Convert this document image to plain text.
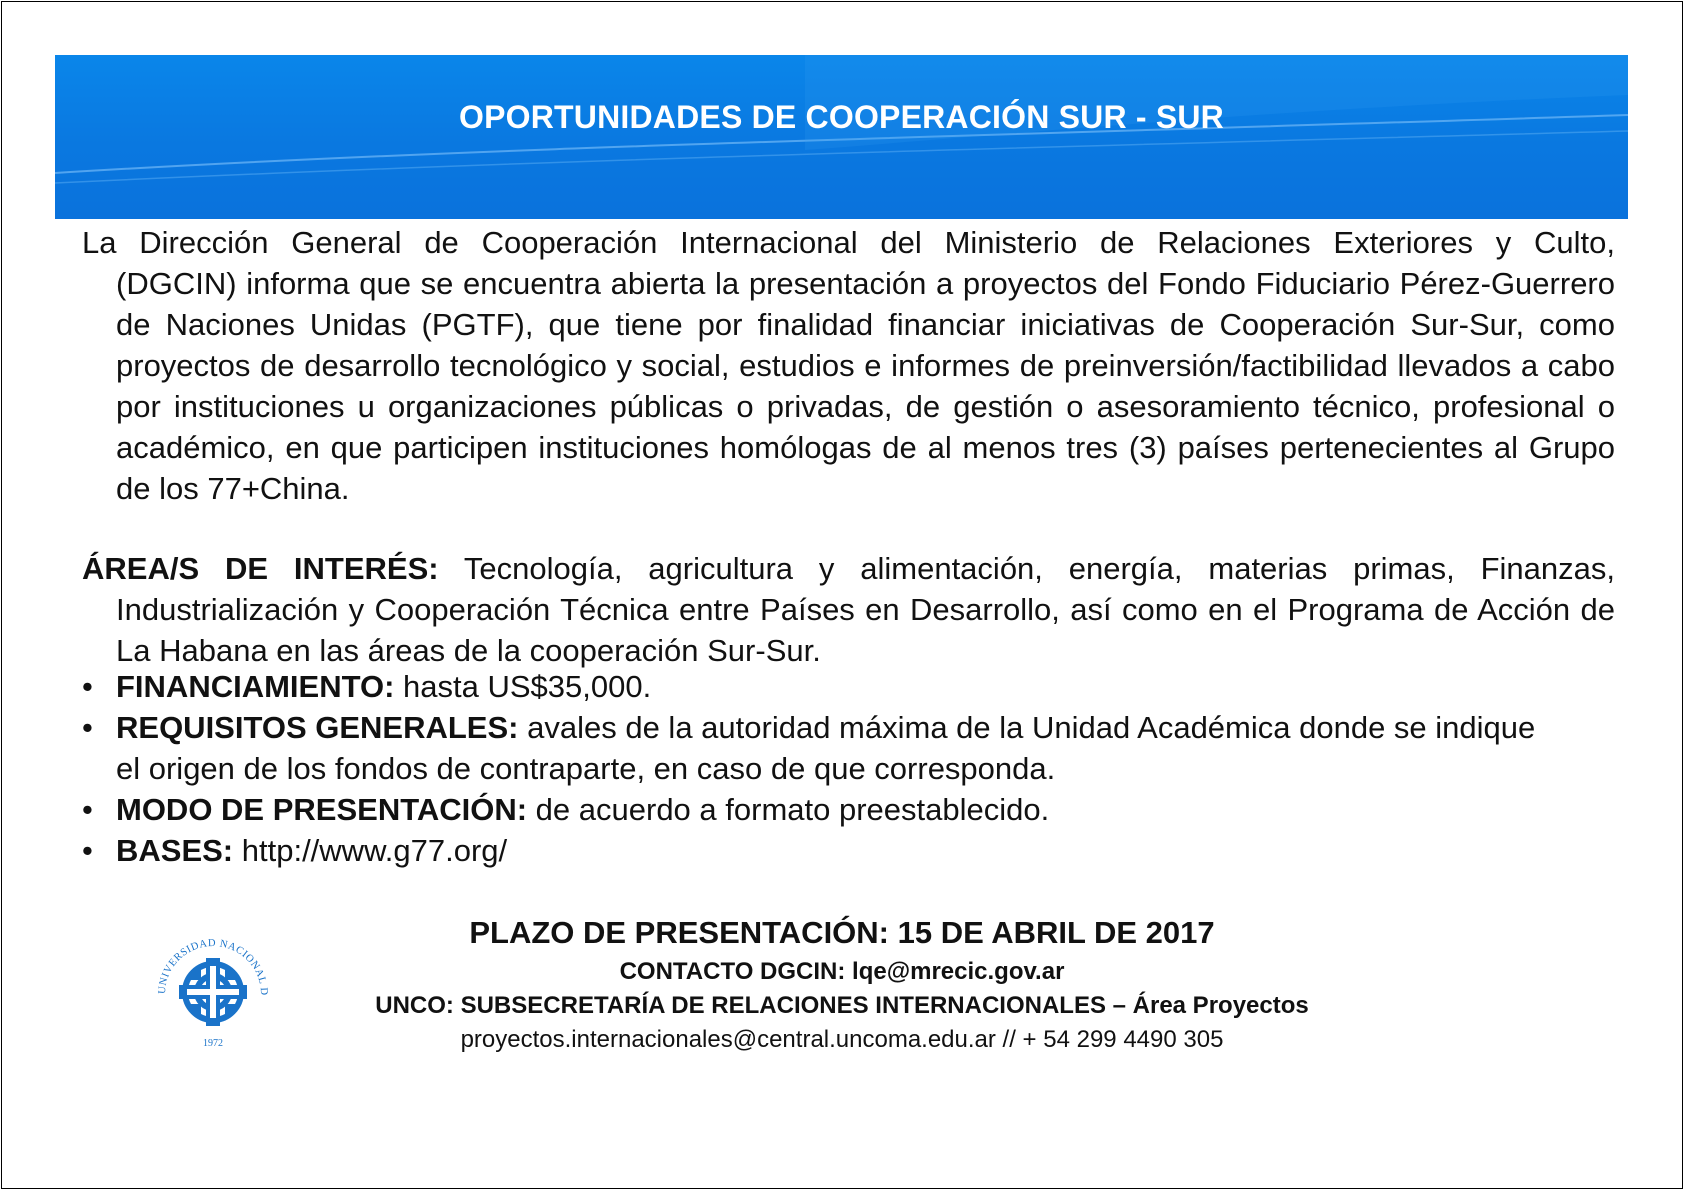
OPORTUNIDADES DE COOPERACIÓN SUR - SUR
La Dirección General de Cooperación Internacional del Ministerio de Relaciones Exteriores y Culto,
(DGCIN) informa que se encuentra abierta la presentación a proyectos del Fondo Fiduciario Pérez-Guerrero de Naciones Unidas (PGTF), que tiene por finalidad financiar iniciativas de Cooperación Sur-Sur, como proyectos de desarrollo tecnológico y social, estudios e informes de preinversión/factibilidad llevados a cabo por instituciones u organizaciones públicas o privadas, de gestión o asesoramiento técnico, profesional o académico, en que participen instituciones homólogas de al menos tres (3) países pertenecientes al Grupo de los 77+China.
ÁREA/S DE INTERÉS: Tecnología, agricultura y alimentación, energía, materias primas, Finanzas,
Industrialización y Cooperación Técnica entre Países en Desarrollo, así como en el Programa de Acción de La Habana en las áreas de la cooperación Sur-Sur.
• FINANCIAMIENTO: hasta US$35,000.
• REQUISITOS GENERALES: avales de la autoridad máxima de la Unidad Académica donde se indique el origen de los fondos de contraparte, en caso de que corresponda.
• MODO DE PRESENTACIÓN: de acuerdo a formato preestablecido.
• BASES: http://www.g77.org/
UNIVERSIDAD NACIONAL D
1972
PLAZO DE PRESENTACIÓN: 15 DE ABRIL DE 2017
CONTACTO DGCIN: lqe@mrecic.gov.ar
UNCO: SUBSECRETARÍA DE RELACIONES INTERNACIONALES – Área Proyectos
proyectos.internacionales@central.uncoma.edu.ar // + 54 299 4490 305
Subsecretaría de Relaciones Internacionales
